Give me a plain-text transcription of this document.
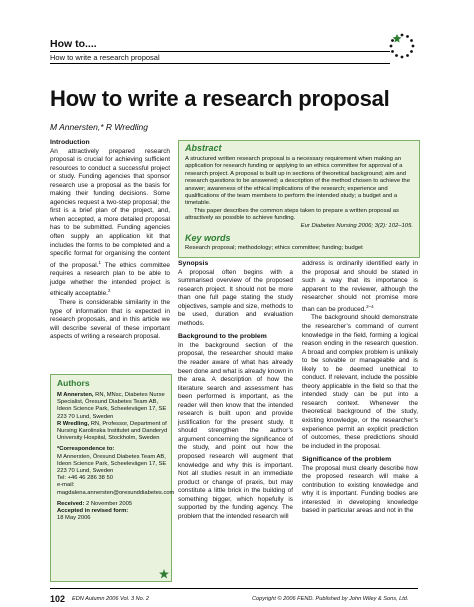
How to....
How to write a research proposal
How to write a research proposal
M Annersten,* R Wredling

Introduction

An attractively prepared research proposal is crucial for achieving sufficient resources to conduct a successful project or study. Funding agencies that sponsor research use a proposal as the basis for making their funding decisions. Some agencies request a two-step proposal; the first is a brief plan of the project, and, when accepted, a more detailed proposal has to be submitted. Funding agencies often supply an application kit that includes the forms to be completed and a specific format for organising the content of the proposal.$^1$ The ethics committee requires a research plan to be able to judge whether the intended project is ethically acceptable.$^2$

There is considerable similarity in the type of information that is expected in research proposals, and in this article we will describe several of these important aspects of writing a research proposal.

Abstract

A structured written research proposal is a necessary requirement when making an application for research funding or applying to an ethics committee for approval of a research project. A proposal is built up in sections of theoretical background; aim and research questions to be answered; a description of the method chosen to achieve the answer; awareness of the ethical implications of the research; experience and qualifications of the team members to perform the intended study; a budget and a timetable.

This paper describes the common steps taken to prepare a written proposal as attractively as possible to achieve funding.

Eur Diabetes Nursing 2006; 3(2): 102–105.

Key words
Research proposal; methodology; ethics committee; funding; budget

Synopsis

A proposal often begins with a summarised overview of the proposed research project. It should not be more than one full page stating the study objectives, sample and size, methods to be used, duration and evaluation methods.

Background to the problem

In the background section of the proposal, the researcher should make the reader aware of what has already been done and what is already known in the area. A description of how the literature search and assessment has been performed is important, as the reader will then know that the intended research is built upon and provide justification for the present study. It should strengthen the author’s argument concerning the significance of the study, and point out how the proposed research will augment that knowledge and why this is important. Not all studies result in an immediate product or change of praxis, but may constitute a little brick in the building of something bigger, which hopefully is supported by the funding agency. The problem that the intended research will

address is ordinarily identified early in the proposal and should be stated in such a way that its importance is apparent to the reviewer, although the researcher should not promise more than can be produced.$^{2-4}$

The background should demonstrate the researcher’s command of current knowledge in the field, forming a logical reason ending in the research question. A broad and complex problem is unlikely to be solvable or manageable and is likely to be deemed unethical to conduct. If relevant, include the possible theory applicable in the field so that the intended study can be put into a research context. Whenever the theoretical background of the study, existing knowledge, or the researcher’s experience permit an explicit prediction of outcomes, these predictions should be included in the proposal.

Significance of the problem

The proposal must clearly describe how the proposed research will make a contribution to existing knowledge and why it is important. Funding bodies are interested in developing knowledge based in particular areas and not in the

Authors

M Annersten, RN, MNsc, Diabetes Nurse Specialist, Öresund Diabetes Team AB, Ideon Science Park, Scheelevägen 17, SE 223 70 Lund, Sweden

R Wredling, RN, Professor, Department of Nursing Karolinska Institutet and Danderyd University Hospital, Stockholm, Sweden

*Correspondence to:

M Annersten, Öresund Diabetes Team AB, Ideon Science Park, Scheelevägen 17, SE 223 70 Lund, Sweden

Tel: +46 46 286 38 50

e-mail: magdalena.annersten@oresunddiabetes.com

Received: 2 November 2005

Accepted in revised form:

18 May 2006

102 EDN Autumn 2006 Vol. 3 No. 2	Copyright © 2006 FEND. Published by John Wiley & Sons, Ltd.
